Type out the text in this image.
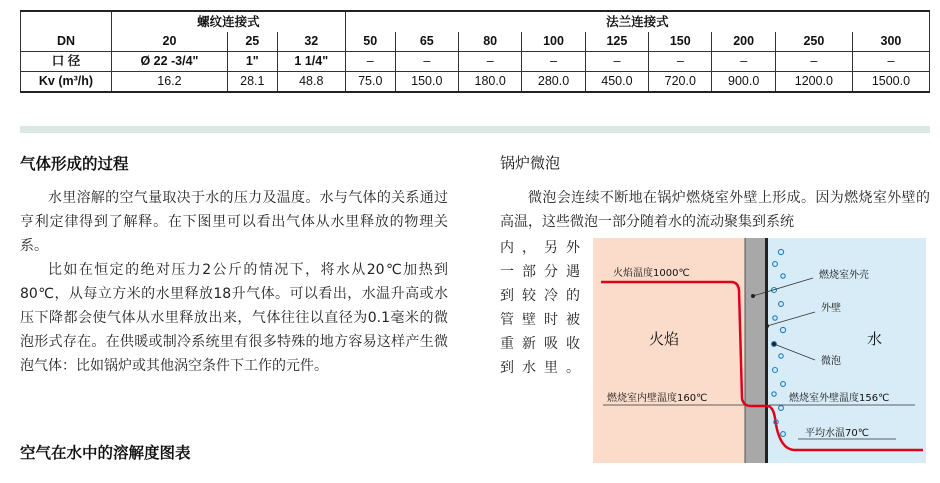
	螺纹连接式			法兰连接式								
DN	20	25	32	50	65	80	100	125	150	200	250	300
口 径	Ø 22 -3/4"	1"	1 1/4"	–	–	–	–	–	–	–	–	–
Kv (m³/h)	16.2	28.1	48.8	75.0	150.0	180.0	280.0	450.0	720.0	900.0	1200.0	1500.0
气体形成的过程

水里溶解的空气量取决于水的压力及温度。水与气体的关系通过亨利定律得到了解释。在下图里可以看出气体从水里释放的物理关系。

比如在恒定的绝对压力2公斤的情况下，将水从20℃加热到80℃，从每立方米的水里释放18升气体。可以看出，水温升高或水压下降都会使气体从水里释放出来，气体往往以直径为0.1毫米的微泡形式存在。在供暖或制冷系统里有很多特殊的地方容易这样产生微泡气体：比如锅炉或其他涡空条件下工作的元件。

空气在水中的溶解度图表
锅炉微泡

微泡会连续不断地在锅炉燃烧室外壁上形成。因为燃烧室外壁的高温，这些微泡一部分随着水的流动聚集到系统

内，另外
一部分遇
到较冷的
管壁时被
重新吸收
到水里。
火焰温度1000℃
燃烧室内壁温度160℃
燃烧室外壳
外壁
微泡
燃烧室外壁温度156℃
平均水温70℃
火焰	水
